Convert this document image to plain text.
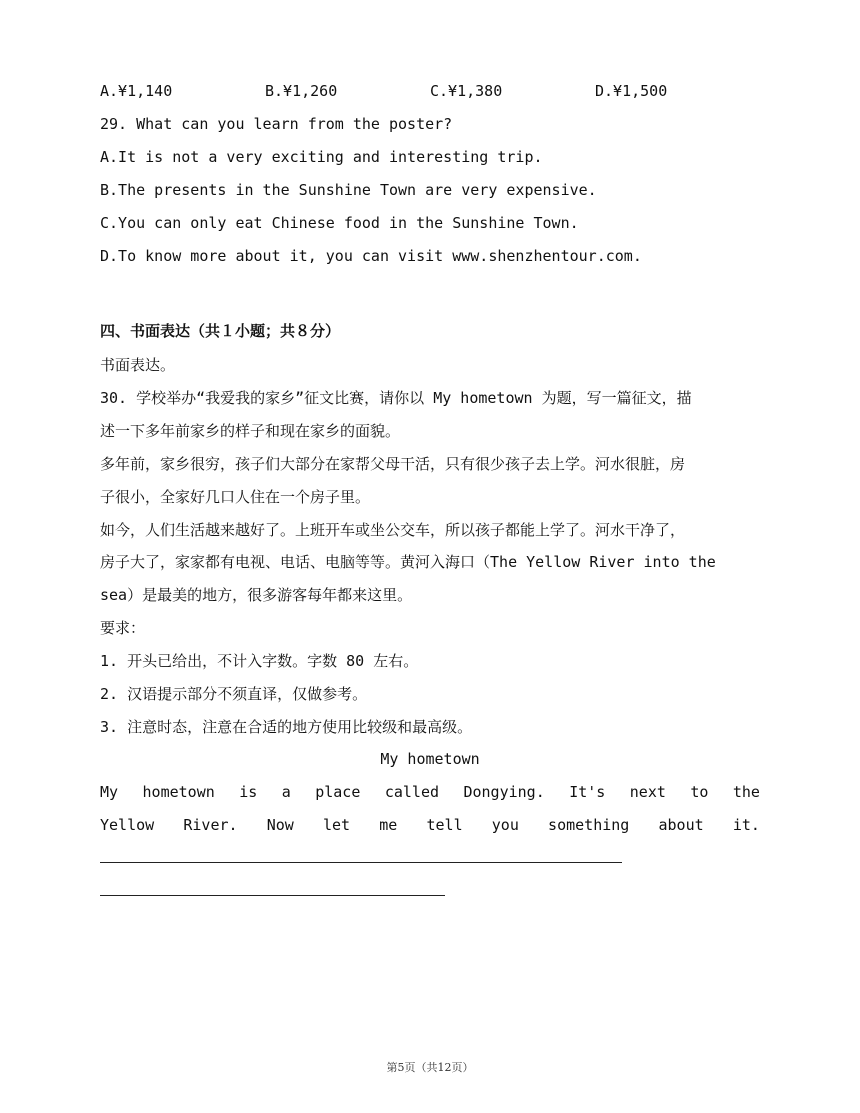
A.¥1,140	B.¥1,260	C.¥1,380	D.¥1,500
29. What can you learn from the poster?
A.It is not a very exciting and interesting trip.
B.The presents in the Sunshine Town are very expensive.
C.You can only eat Chinese food in the Sunshine Town.
D.To know more about it, you can visit www.shenzhentour.com.
四、书面表达（共１小题；共８分）
书面表达。
30. 学校举办“我爱我的家乡”征文比赛，请你以 My hometown 为题，写一篇征文，描
述一下多年前家乡的样子和现在家乡的面貌。
多年前，家乡很穷，孩子们大部分在家帮父母干活，只有很少孩子去上学。河水很脏，房
子很小，全家好几口人住在一个房子里。
如今，人们生活越来越好了。上班开车或坐公交车，所以孩子都能上学了。河水干净了，
房子大了，家家都有电视、电话、电脑等等。黄河入海口（The Yellow River into the
sea）是最美的地方，很多游客每年都来这里。
要求：
1. 开头已给出，不计入字数。字数 80 左右。
2. 汉语提示部分不须直译，仅做参考。
3. 注意时态，注意在合适的地方使用比较级和最高级。
My hometown
My hometown is a place called Dongying. It's next to the
Yellow River. Now let me tell you something about it.
第5页（共12页）
